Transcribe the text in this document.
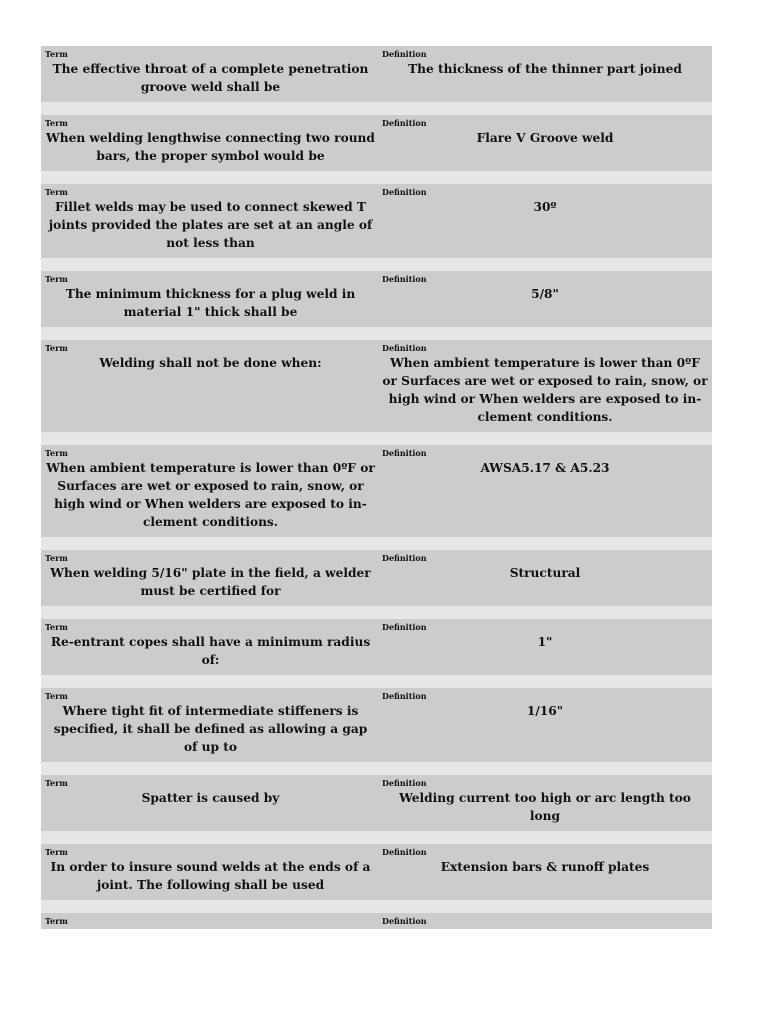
Term
The effective throat of a complete penetration groove weld shall be
Definition
The thickness of the thinner part joined
Term
When welding lengthwise connecting two round bars, the proper symbol would be
Definition
Flare V Groove weld
Term
Fillet welds may be used to connect skewed T joints provided the plates are set at an angle of not less than
Definition
30º
Term
The minimum thickness for a plug weld in material 1" thick shall be
Definition
5/8"
Term
Welding shall not be done when:
Definition
When ambient temperature is lower than 0ºF or Surfaces are wet or exposed to rain, snow, or high wind or When welders are exposed to in-clement conditions.
Term
When ambient temperature is lower than 0ºF or Surfaces are wet or exposed to rain, snow, or high wind or When welders are exposed to in-clement conditions.
Definition
AWSA5.17 & A5.23
Term
When welding 5/16" plate in the field, a welder must be certified for
Definition
Structural
Term
Re-entrant copes shall have a minimum radius of:
Definition
1"
Term
Where tight fit of intermediate stiffeners is specified, it shall be defined as allowing a gap of up to
Definition
1/16"
Term
Spatter is caused by
Definition
Welding current too high or arc length too long
Term
In order to insure sound welds at the ends of a joint. The following shall be used
Definition
Extension bars & runoff plates
Term	Definition
